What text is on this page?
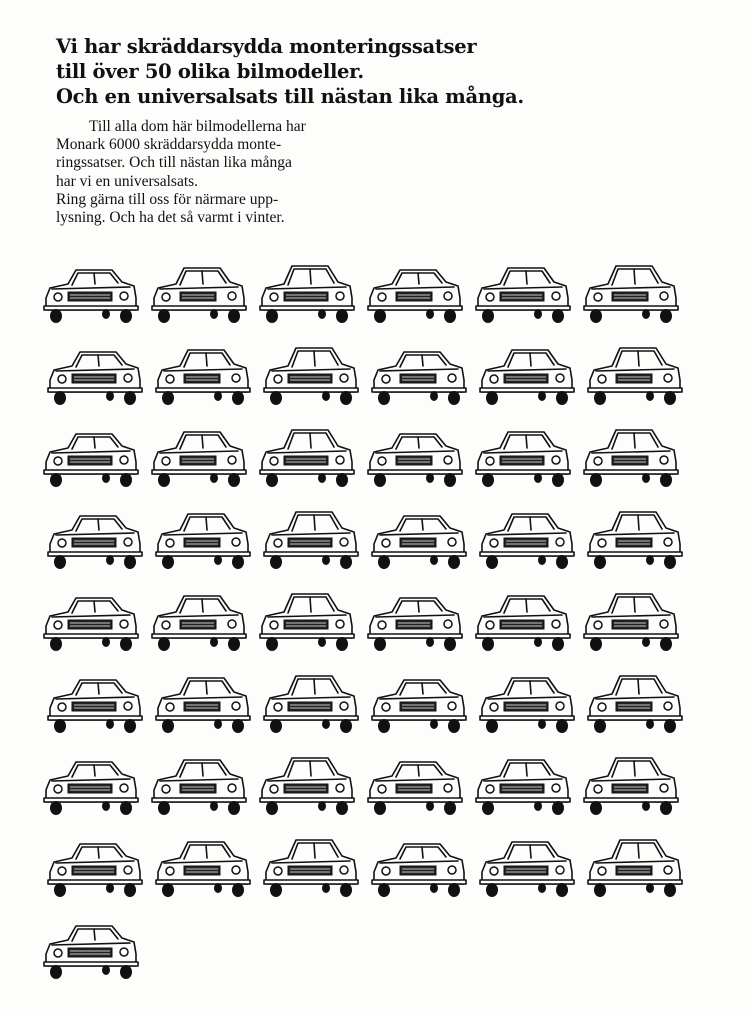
Vi har skräddarsydda monteringssatser
till över 50 olika bilmodeller.
Och en universalsats till nästan lika många.
Till alla dom här bilmodellerna har
Monark 6000 skräddarsydda monte-
ringssatser. Och till nästan lika många
har vi en universalsats.
Ring gärna till oss för närmare upp-
lysning. Och ha det så varmt i vinter.
